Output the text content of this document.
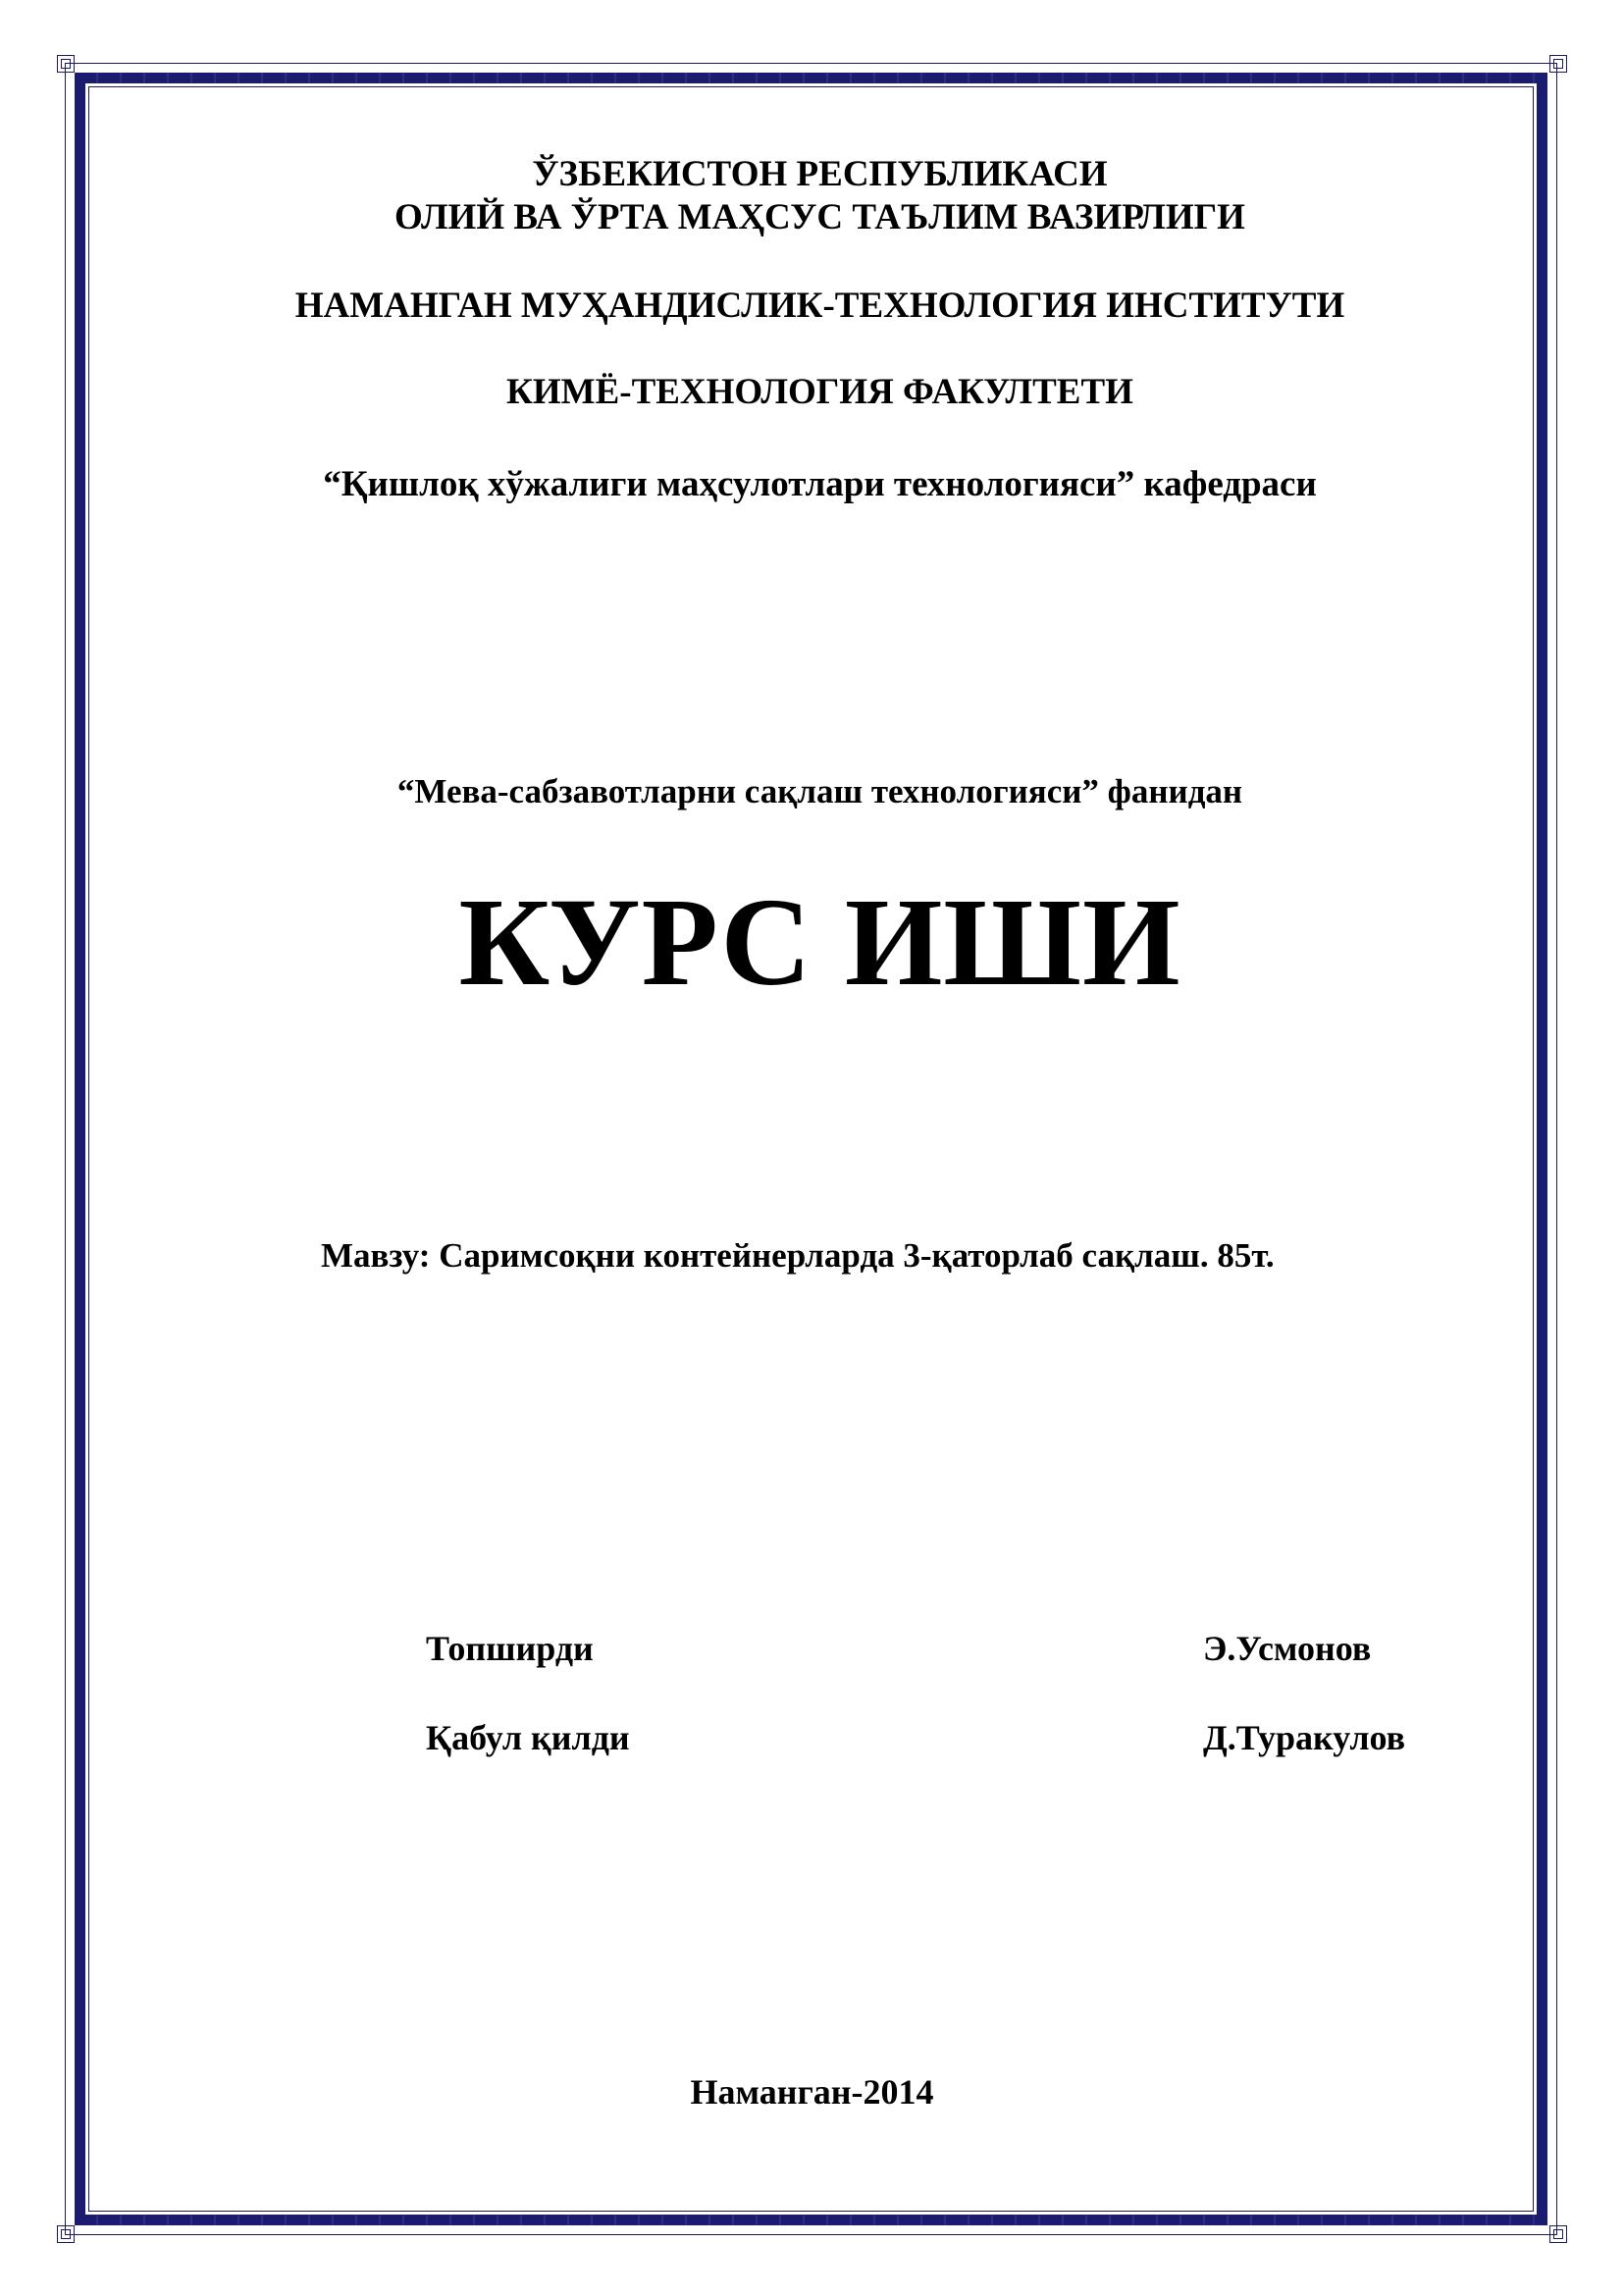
ЎЗБЕКИСТОН РЕСПУБЛИКАСИ
ОЛИЙ ВА ЎРТА МАҲСУС ТАЪЛИМ ВАЗИРЛИГИ
НАМАНГАН МУҲАНДИСЛИК-ТЕХНОЛОГИЯ ИНСТИТУТИ
КИМЁ-ТЕХНОЛОГИЯ ФАКУЛТЕТИ
“Қишлоқ хўжалиги маҳсулотлари технологияси” кафедраси
“Мева-сабзавотларни сақлаш технологияси” фанидан
КУРС ИШИ
Мавзу: Саримсоқни контейнерларда 3-қаторлаб сақлаш. 85т.
Топширди	Э.Усмонов
Қабул қилди	Д.Туракулов
Наманган-2014
